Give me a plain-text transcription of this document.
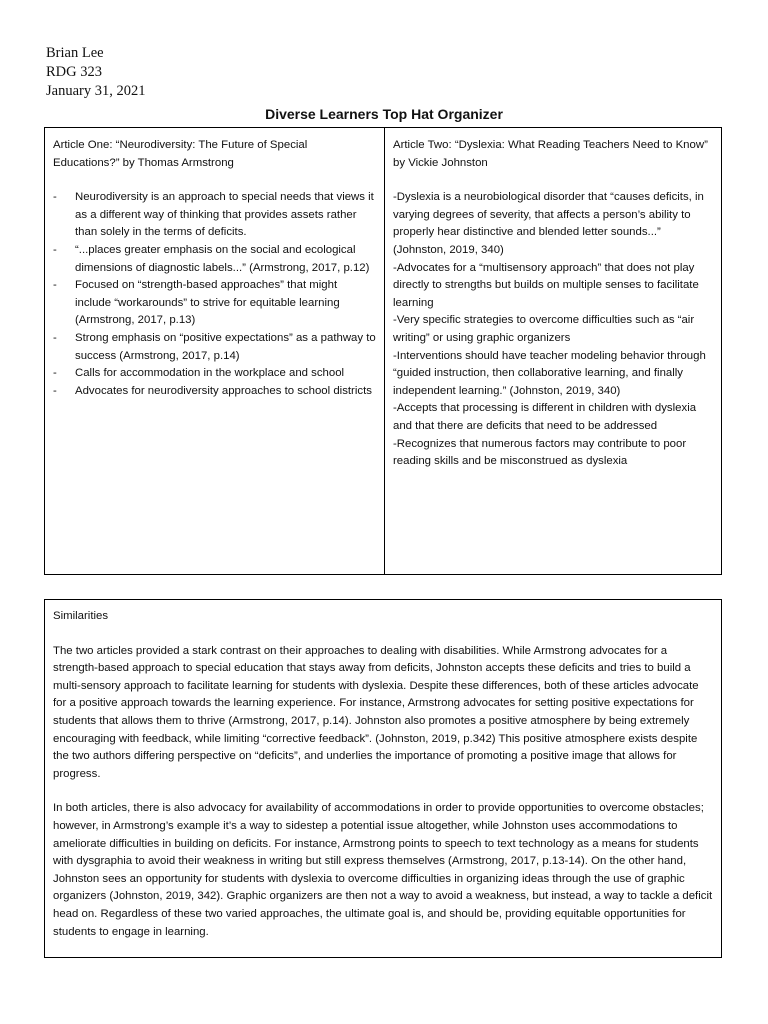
Brian Lee
RDG 323
January 31, 2021
Diverse Learners Top Hat Organizer
Article One: “Neurodiversity: The Future of Special Educations?” by Thomas Armstrong
- Neurodiversity is an approach to special needs that views it as a different way of thinking that provides assets rather than solely in the terms of deficits.
- “...places greater emphasis on the social and ecological dimensions of diagnostic labels...” (Armstrong, 2017, p.12)
- Focused on “strength-based approaches” that might include “workarounds” to strive for equitable learning (Armstrong, 2017, p.13)
- Strong emphasis on “positive expectations” as a pathway to success (Armstrong, 2017, p.14)
- Calls for accommodation in the workplace and school
- Advocates for neurodiversity approaches to school districts
Article Two: “Dyslexia: What Reading Teachers Need to Know” by Vickie Johnston
-Dyslexia is a neurobiological disorder that “causes deficits, in varying degrees of severity, that affects a person’s ability to properly hear distinctive and blended letter sounds...” (Johnston, 2019, 340)
-Advocates for a “multisensory approach” that does not play directly to strengths but builds on multiple senses to facilitate learning
-Very specific strategies to overcome difficulties such as “air writing” or using graphic organizers
-Interventions should have teacher modeling behavior through “guided instruction, then collaborative learning, and finally independent learning.” (Johnston, 2019, 340)
-Accepts that processing is different in children with dyslexia and that there are deficits that need to be addressed
-Recognizes that numerous factors may contribute to poor reading skills and be misconstrued as dyslexia
Similarities

The two articles provided a stark contrast on their approaches to dealing with disabilities. While Armstrong advocates for a strength-based approach to special education that stays away from deficits, Johnston accepts these deficits and tries to build a multi-sensory approach to facilitate learning for students with dyslexia. Despite these differences, both of these articles advocate for a positive approach towards the learning experience. For instance, Armstrong advocates for setting positive expectations for students that allows them to thrive (Armstrong, 2017, p.14). Johnston also promotes a positive atmosphere by being extremely encouraging with feedback, while limiting “corrective feedback”. (Johnston, 2019, p.342) This positive atmosphere exists despite the two authors differing perspective on “deficits”, and underlies the importance of promoting a positive image that allows for progress.

In both articles, there is also advocacy for availability of accommodations in order to provide opportunities to overcome obstacles; however, in Armstrong’s example it’s a way to sidestep a potential issue altogether, while Johnston uses accommodations to ameliorate difficulties in building on deficits. For instance, Armstrong points to speech to text technology as a means for students with dysgraphia to avoid their weakness in writing but still express themselves (Armstrong, 2017, p.13-14). On the other hand, Johnston sees an opportunity for students with dyslexia to overcome difficulties in organizing ideas through the use of graphic organizers (Johnston, 2019, 342). Graphic organizers are then not a way to avoid a weakness, but instead, a way to tackle a deficit head on. Regardless of these two varied approaches, the ultimate goal is, and should be, providing equitable opportunities for students to engage in learning.
